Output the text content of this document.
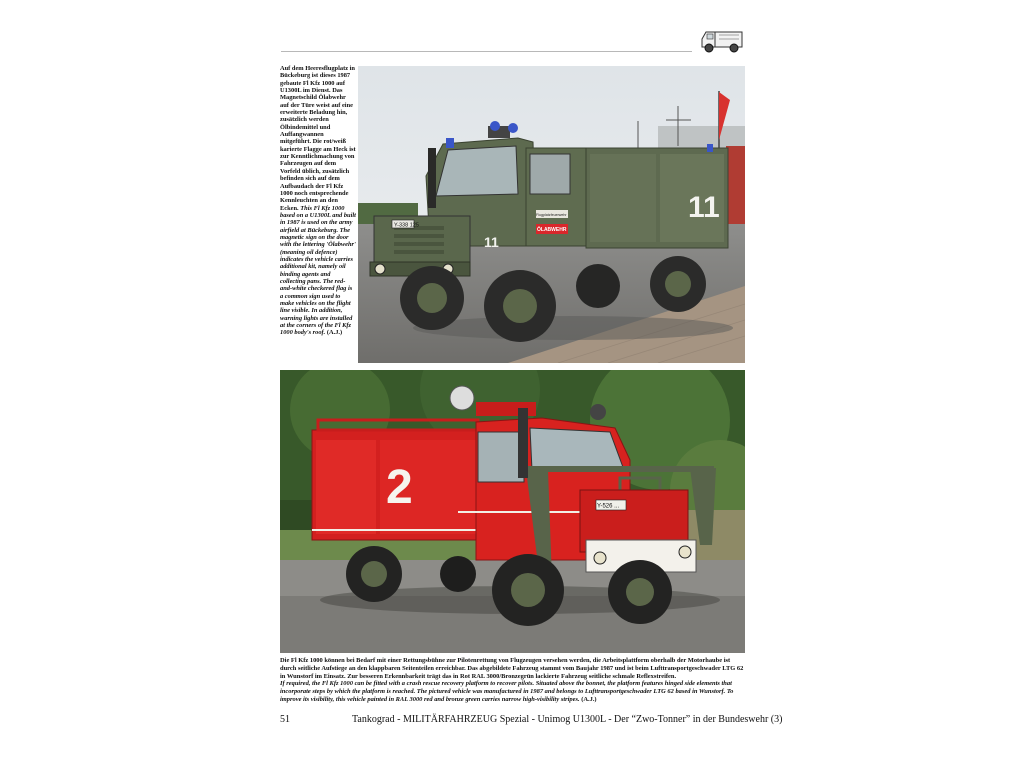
Auf dem Heeresflugplatz in Bückeburg ist dieses 1987 gebaute Fl Kfz 1000 auf U1300L im Dienst. Das Magnetschild Ölabwehr auf der Türe weist auf eine erweiterte Beladung hin, zusätzlich werden Ölbindemittel und Auffangwannen mitgeführt. Die rot/weiß karierte Flagge am Heck ist zur Kenntlichmachung von Fahrzeugen auf dem Vorfeld üblich, zusätzlich befinden sich auf dem Aufbaudach der Fl Kfz 1000 noch entsprechende Kennleuchten an den Ecken. This Fl Kfz 1000 based on a U1300L and built in 1987 is used on the army airfield at Bückeburg. The magnetic sign on the door with the lettering 'Ölabwehr' (meaning oil defence) indicates the vehicle carries additional kit, namely oil binding agents and collecting pans. The red-and-white checkered flag is a common sign used to make vehicles on the flight line visible. In addition, warning lights are installed at the corners of the Fl Kfz 1000 body's roof. (A.J.)
11
11
Y-338 125
ÖLABWEHR
Flugplatzfeuerwehr
2	Y-526 ...
Die Fl Kfz 1000 können bei Bedarf mit einer Rettungsbühne zur Pilotenrettung von Flugzeugen versehen werden, die Arbeitsplattform oberhalb der Motorhaube ist durch seitliche Aufstiege an den klappbaren Seitenteilen erreichbar. Das abgebildete Fahrzeug stammt vom Baujahr 1987 und ist beim Lufttransportgeschwader LTG 62 in Wunstorf im Einsatz. Zur besseren Erkennbarkeit trägt das in Rot RAL 3000/Bronzegrün lackierte Fahrzeug seitliche schmale Reflexstreifen.
If required, the Fl Kfz 1000 can be fitted with a crash rescue recovery platform to recover pilots. Situated above the bonnet, the platform features hinged side elements that incorporate steps by which the platform is reached. The pictured vehicle was manufactured in 1987 and belongs to Lufttransportgeschwader LTG 62 based in Wunstorf. To improve its visibility, this vehicle painted in RAL 3000 red and bronze green carries narrow high-visibility stripes. (A.J.)
51	Tankograd - MILITÄRFAHRZEUG Spezial - Unimog U1300L - Der “Zwo-Tonner” in der Bundeswehr (3)
